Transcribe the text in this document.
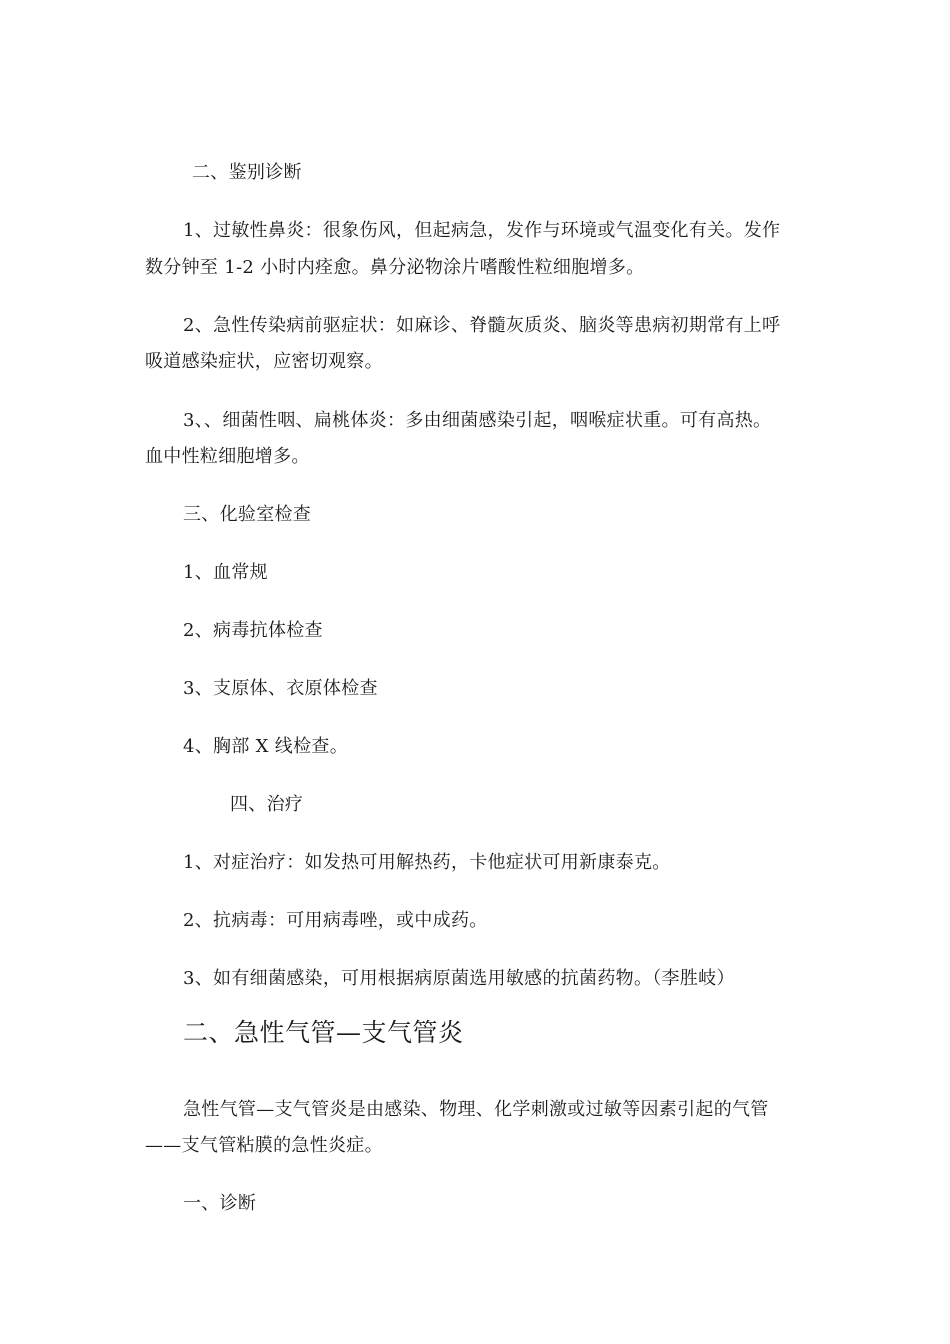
二、鉴别诊断
1、过敏性鼻炎：很象伤风，但起病急，发作与环境或气温变化有关。发作
数分钟至 1-2 小时内痊愈。鼻分泌物涂片嗜酸性粒细胞增多。
2、急性传染病前驱症状：如麻诊、脊髓灰质炎、脑炎等患病初期常有上呼
吸道感染症状，应密切观察。
3、、细菌性咽、扁桃体炎：多由细菌感染引起，咽喉症状重。可有高热。
血中性粒细胞增多。
三、化验室检查
1、血常规
2、病毒抗体检查
3、支原体、衣原体检查
4、胸部 X 线检查。
四、治疗
1、对症治疗：如发热可用解热药，卡他症状可用新康泰克。
2、抗病毒：可用病毒唑，或中成药。
3、如有细菌感染，可用根据病原菌选用敏感的抗菌药物。（李胜岐）
二、急性气管—支气管炎
急性气管—支气管炎是由感染、物理、化学刺激或过敏等因素引起的气管
——支气管粘膜的急性炎症。
一、诊断
